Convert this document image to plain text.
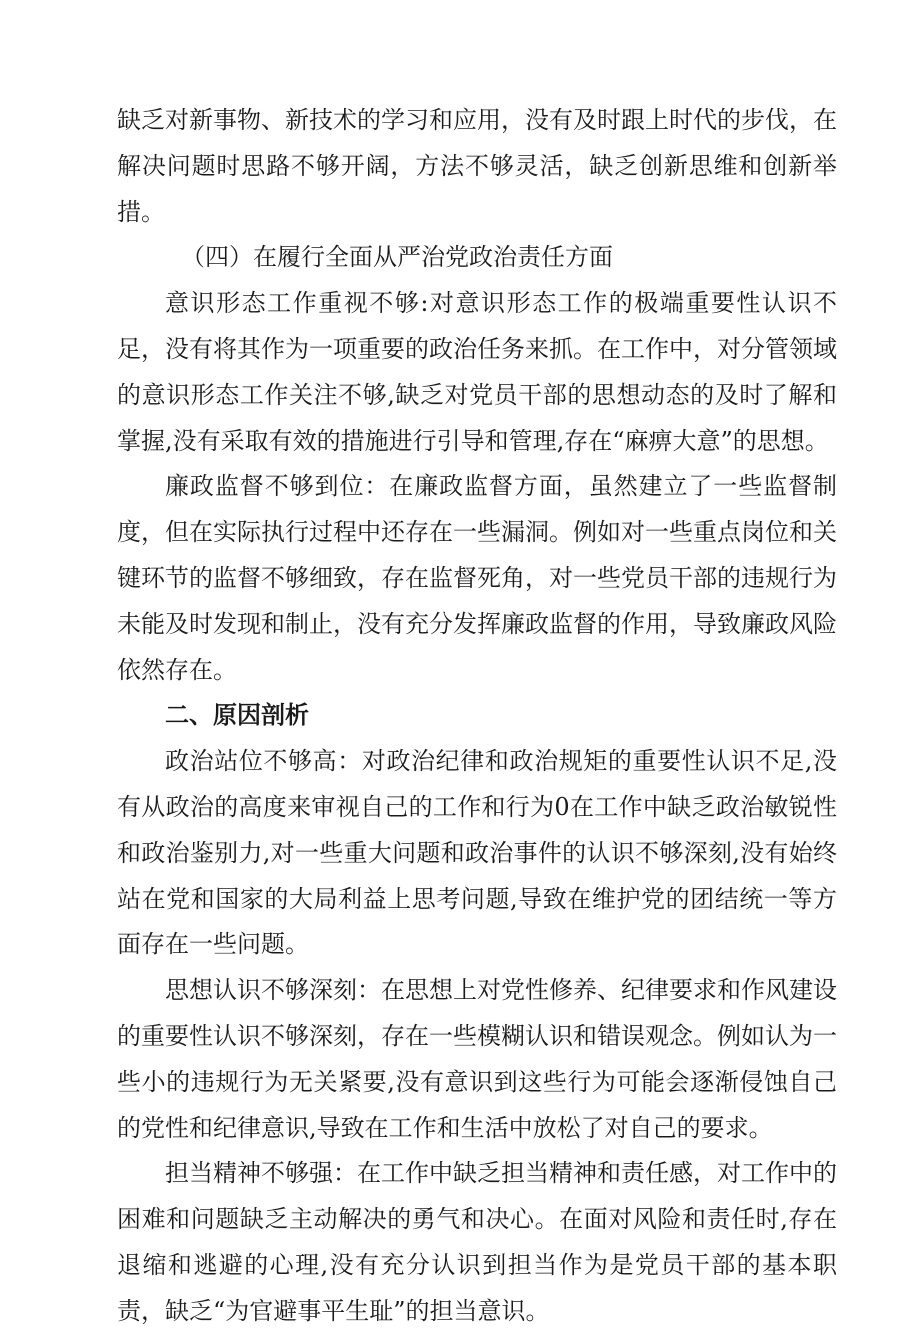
缺乏对新事物、新技术的学习和应用，没有及时跟上时代的步伐，在解决问题时思路不够开阔，方法不够灵活，缺乏创新思维和创新举措。

（四）在履行全面从严治党政治责任方面

意识形态工作重视不够:对意识形态工作的极端重要性认识不足，没有将其作为一项重要的政治任务来抓。在工作中，对分管领域的意识形态工作关注不够,缺乏对党员干部的思想动态的及时了解和掌握,没有采取有效的措施进行引导和管理,存在“麻痹大意”的思想。

廉政监督不够到位：在廉政监督方面，虽然建立了一些监督制度，但在实际执行过程中还存在一些漏洞。例如对一些重点岗位和关键环节的监督不够细致，存在监督死角，对一些党员干部的违规行为未能及时发现和制止，没有充分发挥廉政监督的作用，导致廉政风险依然存在。

二、原因剖析

政治站位不够高：对政治纪律和政治规矩的重要性认识不足,没有从政治的高度来审视自己的工作和行为0在工作中缺乏政治敏锐性和政治鉴别力,对一些重大问题和政治事件的认识不够深刻,没有始终站在党和国家的大局利益上思考问题,导致在维护党的团结统一等方面存在一些问题。

思想认识不够深刻：在思想上对党性修养、纪律要求和作风建设的重要性认识不够深刻，存在一些模糊认识和错误观念。例如认为一些小的违规行为无关紧要,没有意识到这些行为可能会逐渐侵蚀自己的党性和纪律意识,导致在工作和生活中放松了对自己的要求。

担当精神不够强：在工作中缺乏担当精神和责任感，对工作中的困难和问题缺乏主动解决的勇气和决心。在面对风险和责任时,存在退缩和逃避的心理,没有充分认识到担当作为是党员干部的基本职责，缺乏“为官避事平生耻”的担当意识。
